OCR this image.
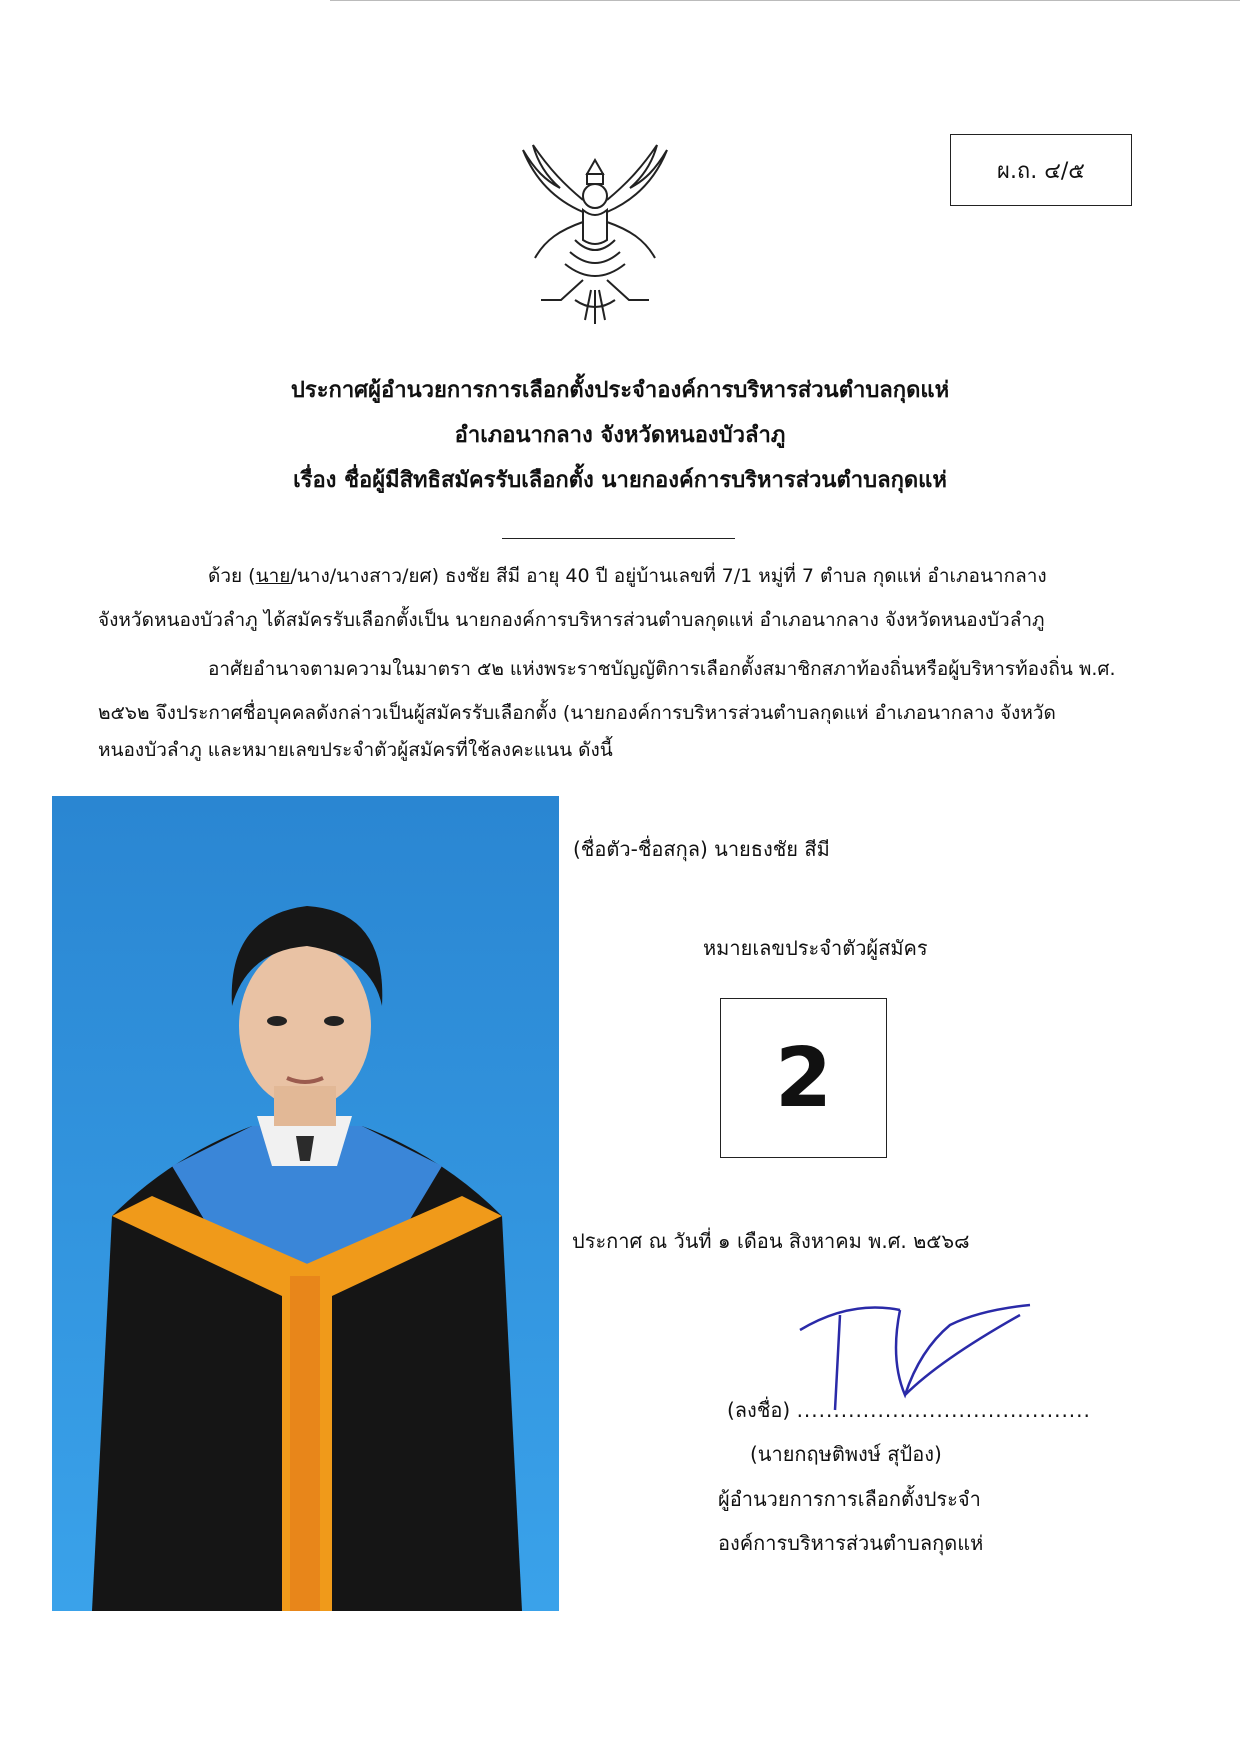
ผ.ถ. ๔/๕
ประกาศผู้อำนวยการการเลือกตั้งประจำองค์การบริหารส่วนตำบลกุดแห่
อำเภอนากลาง จังหวัดหนองบัวลำภู
เรื่อง ชื่อผู้มีสิทธิสมัครรับเลือกตั้ง นายกองค์การบริหารส่วนตำบลกุดแห่
ด้วย (นาย/นาง/นางสาว/ยศ) ธงชัย สีมี อายุ 40 ปี อยู่บ้านเลขที่ 7/1 หมู่ที่ 7 ตำบล กุดแห่ อำเภอนากลาง
จังหวัดหนองบัวลำภู ได้สมัครรับเลือกตั้งเป็น นายกองค์การบริหารส่วนตำบลกุดแห่ อำเภอนากลาง จังหวัดหนองบัวลำภู
อาศัยอำนาจตามความในมาตรา ๕๒ แห่งพระราชบัญญัติการเลือกตั้งสมาชิกสภาท้องถิ่นหรือผู้บริหารท้องถิ่น พ.ศ.
๒๕๖๒ จึงประกาศชื่อบุคคลดังกล่าวเป็นผู้สมัครรับเลือกตั้ง (นายกองค์การบริหารส่วนตำบลกุดแห่ อำเภอนากลาง จังหวัด
หนองบัวลำภู และหมายเลขประจำตัวผู้สมัครที่ใช้ลงคะแนน ดังนี้
(ชื่อตัว-ชื่อสกุล) นายธงชัย สีมี
หมายเลขประจำตัวผู้สมัคร
2
ประกาศ ณ วันที่ ๑ เดือน สิงหาคม พ.ศ. ๒๕๖๘
(ลงชื่อ) ........................................
(นายกฤษติพงษ์ สุป้อง)
ผู้อำนวยการการเลือกตั้งประจำ
องค์การบริหารส่วนตำบลกุดแห่
